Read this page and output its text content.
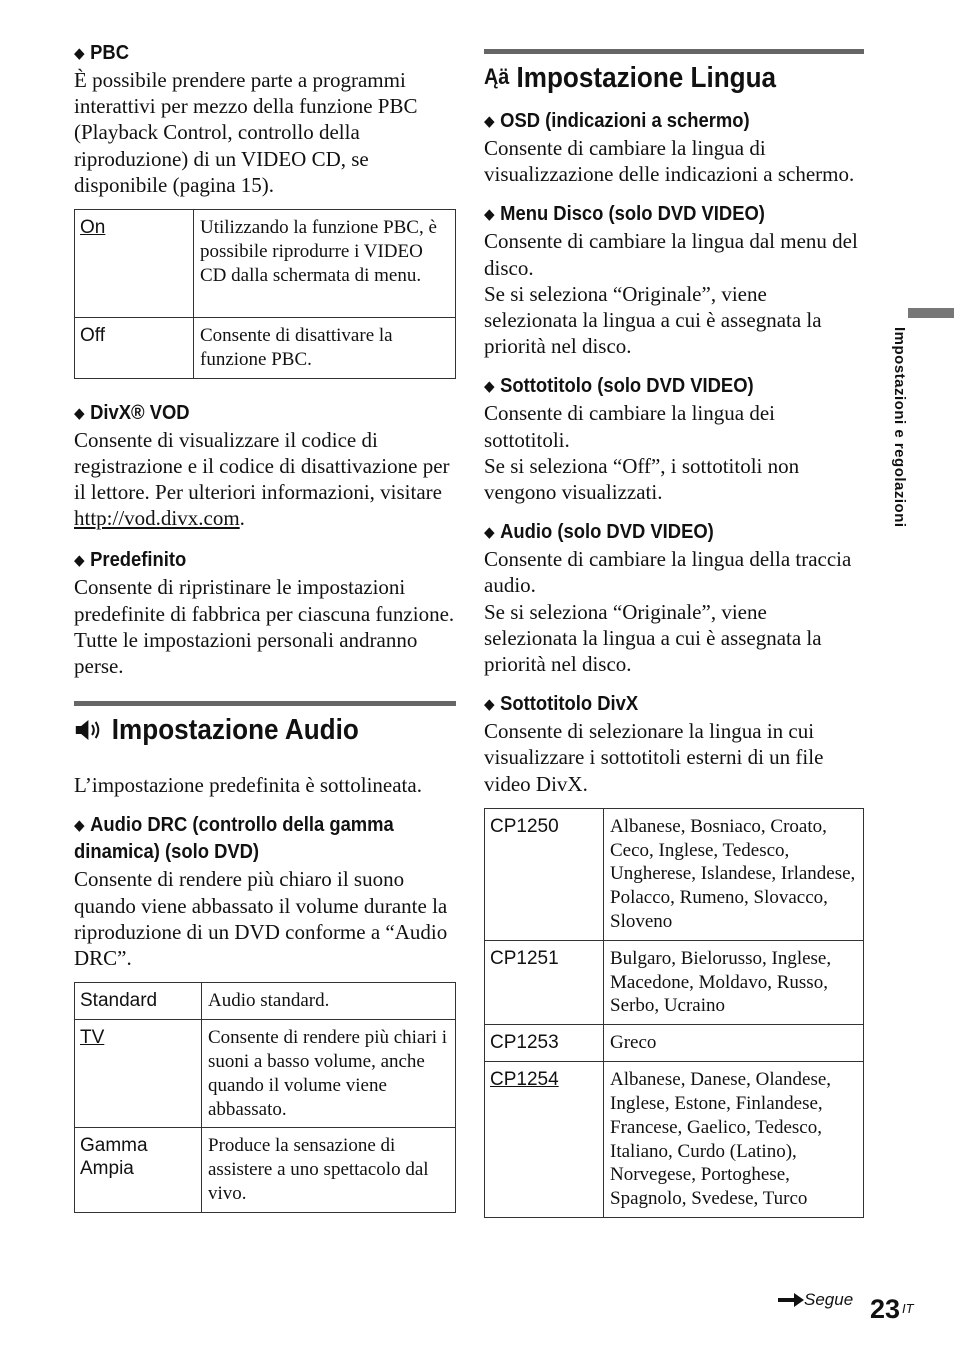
◆ PBC

È possibile prendere parte a programmi interattivi per mezzo della funzione PBC (Playback Control, controllo della riproduzione) di un VIDEO CD, se disponibile (pagina 15).

On	Utilizzando la funzione PBC, è possibile riprodurre i VIDEO CD dalla schermata di menu.
Off	Consente di disattivare la funzione PBC.
◆ DivX® VOD

Consente di visualizzare il codice di registrazione e il codice di disattivazione per il lettore. Per ulteriori informazioni, visitare http://vod.divx.com.

◆ Predefinito

Consente di ripristinare le impostazioni predefinite di fabbrica per ciascuna funzione. Tutte le impostazioni personali andranno perse.

Impostazione Audio

L’impostazione predefinita è sottolineata.

◆ Audio DRC (controllo della gamma dinamica) (solo DVD)

Consente di rendere più chiaro il suono quando viene abbassato il volume durante la riproduzione di un DVD conforme a “Audio DRC”.

Standard	Audio standard.
TV	Consente di rendere più chiari i suoni a basso volume, anche quando il volume viene abbassato.
Gamma Ampia	Produce la sensazione di assistere a uno spettacolo dal vivo.
Ąä Impostazione Lingua
◆ OSD (indicazioni a schermo)

Consente di cambiare la lingua di visualizzazione delle indicazioni a schermo.

◆ Menu Disco (solo DVD VIDEO)

Consente di cambiare la lingua dal menu del disco.

Se si seleziona “Originale”, viene selezionata la lingua a cui è assegnata la priorità nel disco.

◆ Sottotitolo (solo DVD VIDEO)

Consente di cambiare la lingua dei sottotitoli.

Se si seleziona “Off”, i sottotitoli non vengono visualizzati.

◆ Audio (solo DVD VIDEO)

Consente di cambiare la lingua della traccia audio.

Se si seleziona “Originale”, viene selezionata la lingua a cui è assegnata la priorità nel disco.

◆ Sottotitolo DivX

Consente di selezionare la lingua in cui visualizzare i sottotitoli esterni di un file video DivX.

CP1250	Albanese, Bosniaco, Croato, Ceco, Inglese, Tedesco, Ungherese, Islandese, Irlandese, Polacco, Rumeno, Slovacco, Sloveno
CP1251	Bulgaro, Bielorusso, Inglese, Macedone, Moldavo, Russo, Serbo, Ucraino
CP1253	Greco
CP1254	Albanese, Danese, Olandese, Inglese, Estone, Finlandese, Francese, Gaelico, Tedesco, Italiano, Curdo (Latino), Norvegese, Portoghese, Spagnolo, Svedese, Turco
Impostazioni e regolazioni
Segue 23 IT
